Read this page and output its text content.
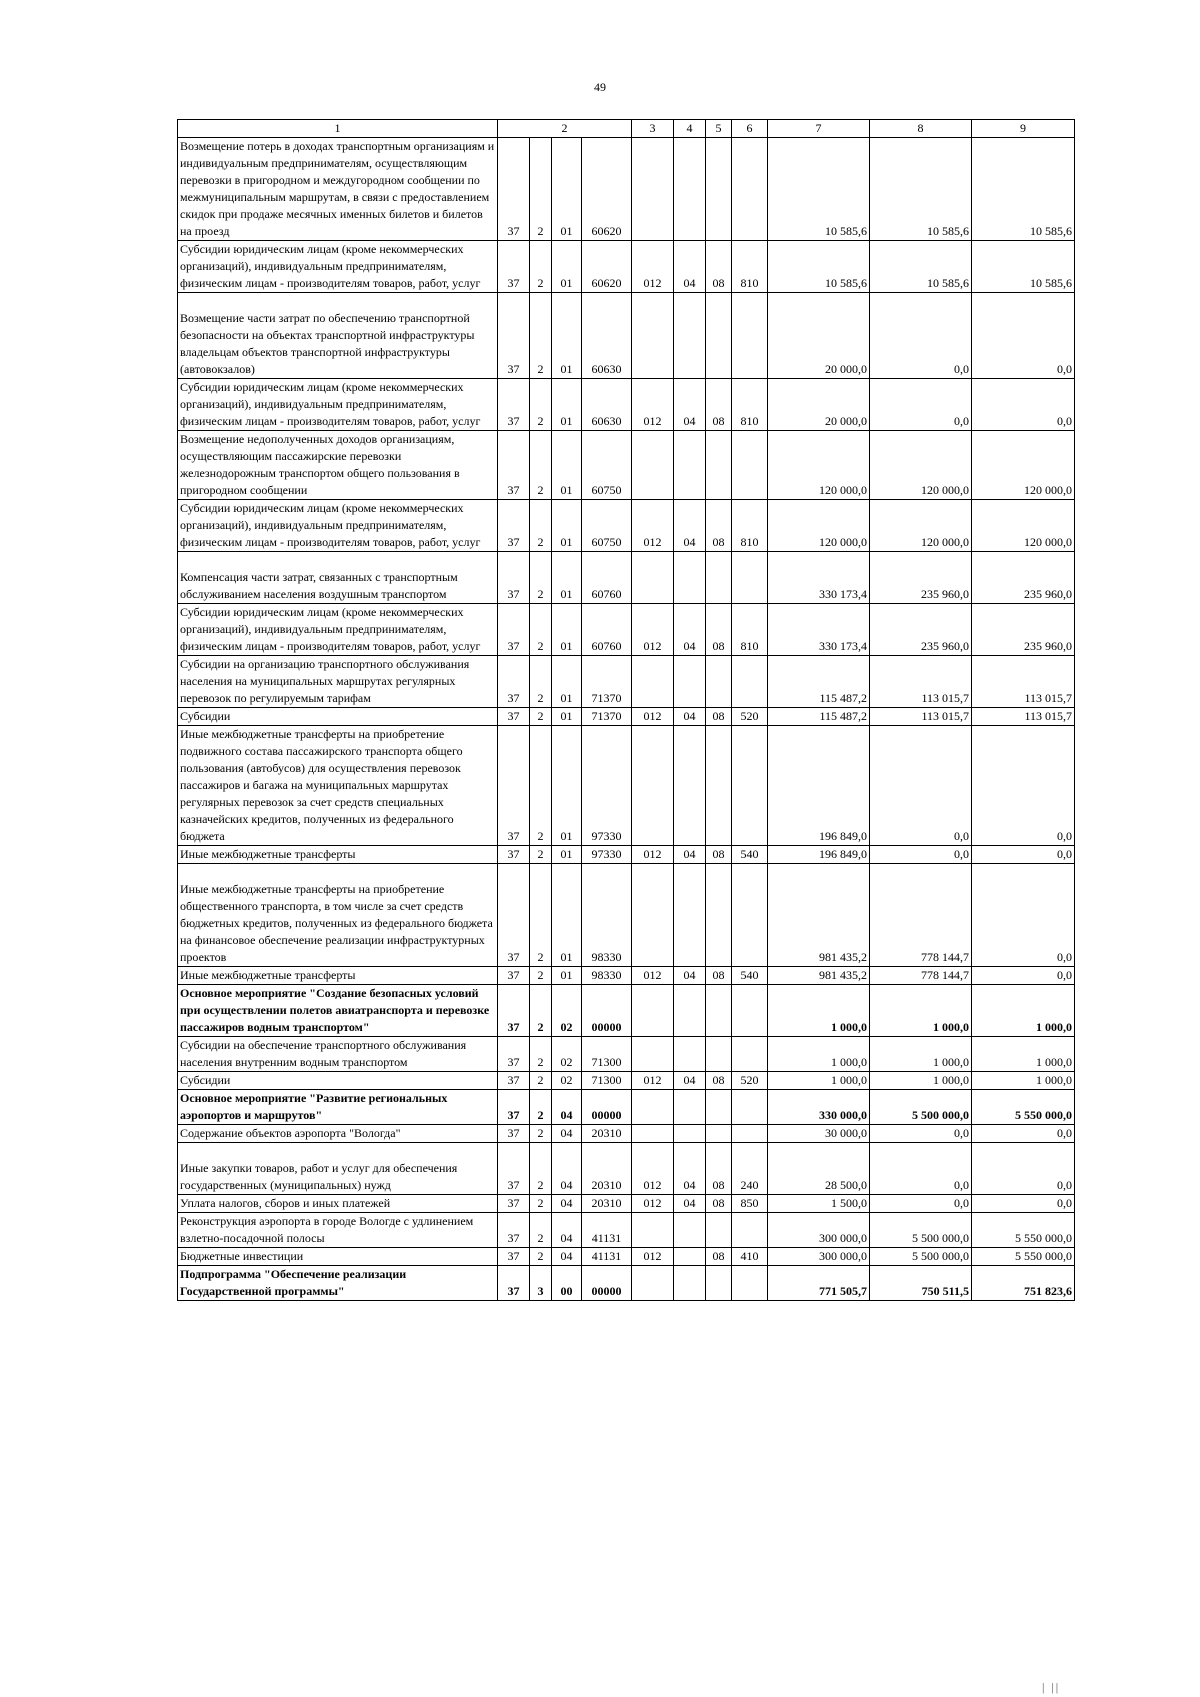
49
1	2				3	4	5	6	7	8	9
Возмещение потерь в доходах транспортным организациям и индивидуальным предпринимателям, осуществляющим перевозки в пригородном и междугородном сообщении по межмуниципальным маршрутам, в связи с предоставлением скидок при продаже месячных именных билетов и билетов на проезд	37	2	01	60620					10 585,6	10 585,6	10 585,6
Субсидии юридическим лицам (кроме некоммерческих организаций), индивидуальным предпринимателям, физическим лицам - производителям товаров, работ, услуг	37	2	01	60620	012	04	08	810	10 585,6	10 585,6	10 585,6
Возмещение части затрат по обеспечению транспортной безопасности на объектах транспортной инфраструктуры владельцам объектов транспортной инфраструктуры (автовокзалов)	37	2	01	60630					20 000,0	0,0	0,0
Субсидии юридическим лицам (кроме некоммерческих организаций), индивидуальным предпринимателям, физическим лицам - производителям товаров, работ, услуг	37	2	01	60630	012	04	08	810	20 000,0	0,0	0,0
Возмещение недополученных доходов организациям, осуществляющим пассажирские перевозки железнодорожным транспортом общего пользования в пригородном сообщении	37	2	01	60750					120 000,0	120 000,0	120 000,0
Субсидии юридическим лицам (кроме некоммерческих организаций), индивидуальным предпринимателям, физическим лицам - производителям товаров, работ, услуг	37	2	01	60750	012	04	08	810	120 000,0	120 000,0	120 000,0
Компенсация части затрат, связанных с транспортным обслуживанием населения воздушным транспортом	37	2	01	60760					330 173,4	235 960,0	235 960,0
Субсидии юридическим лицам (кроме некоммерческих организаций), индивидуальным предпринимателям, физическим лицам - производителям товаров, работ, услуг	37	2	01	60760	012	04	08	810	330 173,4	235 960,0	235 960,0
Субсидии на организацию транспортного обслуживания населения на муниципальных маршрутах регулярных перевозок по регулируемым тарифам	37	2	01	71370					115 487,2	113 015,7	113 015,7
Субсидии	37	2	01	71370	012	04	08	520	115 487,2	113 015,7	113 015,7
Иные межбюджетные трансферты на приобретение подвижного состава пассажирского транспорта общего пользования (автобусов) для осуществления перевозок пассажиров и багажа на муниципальных маршрутах регулярных перевозок за счет средств специальных казначейских кредитов, полученных из федерального бюджета	37	2	01	97330					196 849,0	0,0	0,0
Иные межбюджетные трансферты	37	2	01	97330	012	04	08	540	196 849,0	0,0	0,0
Иные межбюджетные трансферты на приобретение общественного транспорта, в том числе за счет средств бюджетных кредитов, полученных из федерального бюджета на финансовое обеспечение реализации инфраструктурных проектов	37	2	01	98330					981 435,2	778 144,7	0,0
Иные межбюджетные трансферты	37	2	01	98330	012	04	08	540	981 435,2	778 144,7	0,0
Основное мероприятие "Создание безопасных условий при осуществлении полетов авиатранспорта и перевозке пассажиров водным транспортом"	37	2	02	00000					1 000,0	1 000,0	1 000,0
Субсидии на обеспечение транспортного обслуживания населения внутренним водным транспортом	37	2	02	71300					1 000,0	1 000,0	1 000,0
Субсидии	37	2	02	71300	012	04	08	520	1 000,0	1 000,0	1 000,0
Основное мероприятие "Развитие региональных аэропортов и маршрутов"	37	2	04	00000					330 000,0	5 500 000,0	5 550 000,0
Содержание объектов аэропорта "Вологда"	37	2	04	20310					30 000,0	0,0	0,0
Иные закупки товаров, работ и услуг для обеспечения государственных (муниципальных) нужд	37	2	04	20310	012	04	08	240	28 500,0	0,0	0,0
Уплата налогов, сборов и иных платежей	37	2	04	20310	012	04	08	850	1 500,0	0,0	0,0
Реконструкция аэропорта в городе Вологде с удлинением взлетно-посадочной полосы	37	2	04	41131					300 000,0	5 500 000,0	5 550 000,0
Бюджетные инвестиции	37	2	04	41131	012		08	410	300 000,0	5 500 000,0	5 550 000,0
Подпрограмма "Обеспечение реализации Государственной программы"	37	3	00	00000					771 505,7	750 511,5	751 823,6
| ||
